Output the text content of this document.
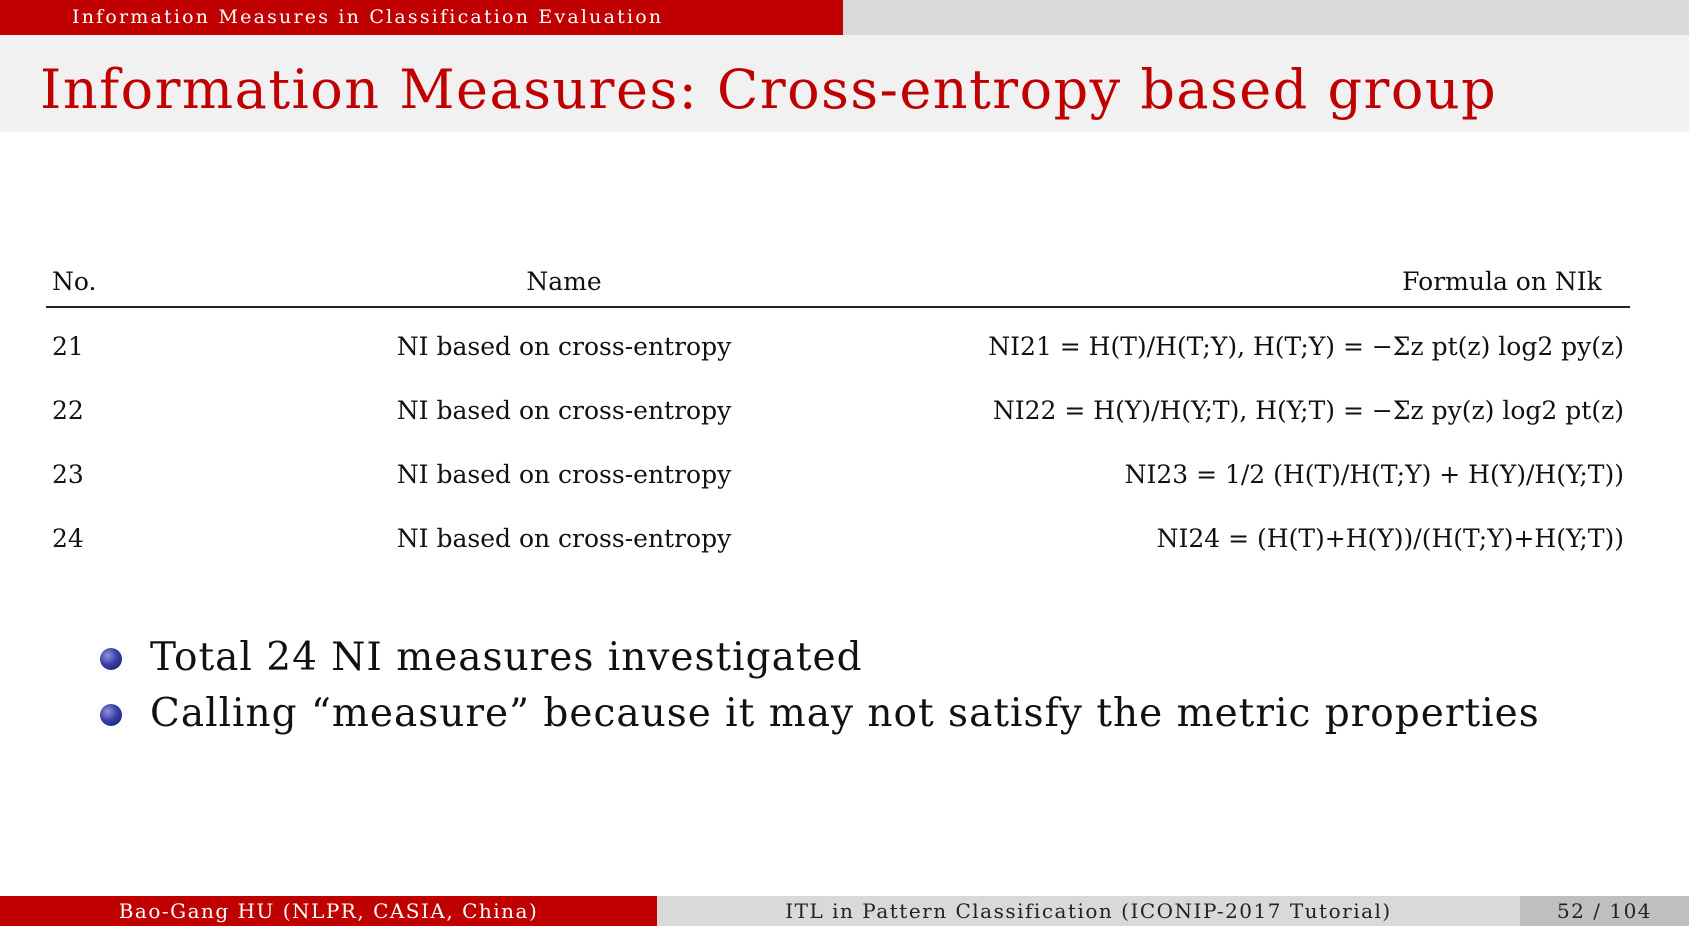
Information Measures in Classification Evaluation
Information Measures: Cross-entropy based group
No.	Name	Formula on NIk
21	NI based on cross-entropy	NI21 = H(T)/H(T;Y), H(T;Y) = −Σz pt(z) log2 py(z)
22	NI based on cross-entropy	NI22 = H(Y)/H(Y;T), H(Y;T) = −Σz py(z) log2 pt(z)
23	NI based on cross-entropy	NI23 = 1/2 (H(T)/H(T;Y) + H(Y)/H(Y;T))
24	NI based on cross-entropy	NI24 = (H(T)+H(Y))/(H(T;Y)+H(Y;T))
Total 24 NI measures investigated
Calling “measure” because it may not satisfy the metric properties
Bao-Gang HU (NLPR, CASIA, China)	ITL in Pattern Classification (ICONIP-2017 Tutorial)	52 / 104
